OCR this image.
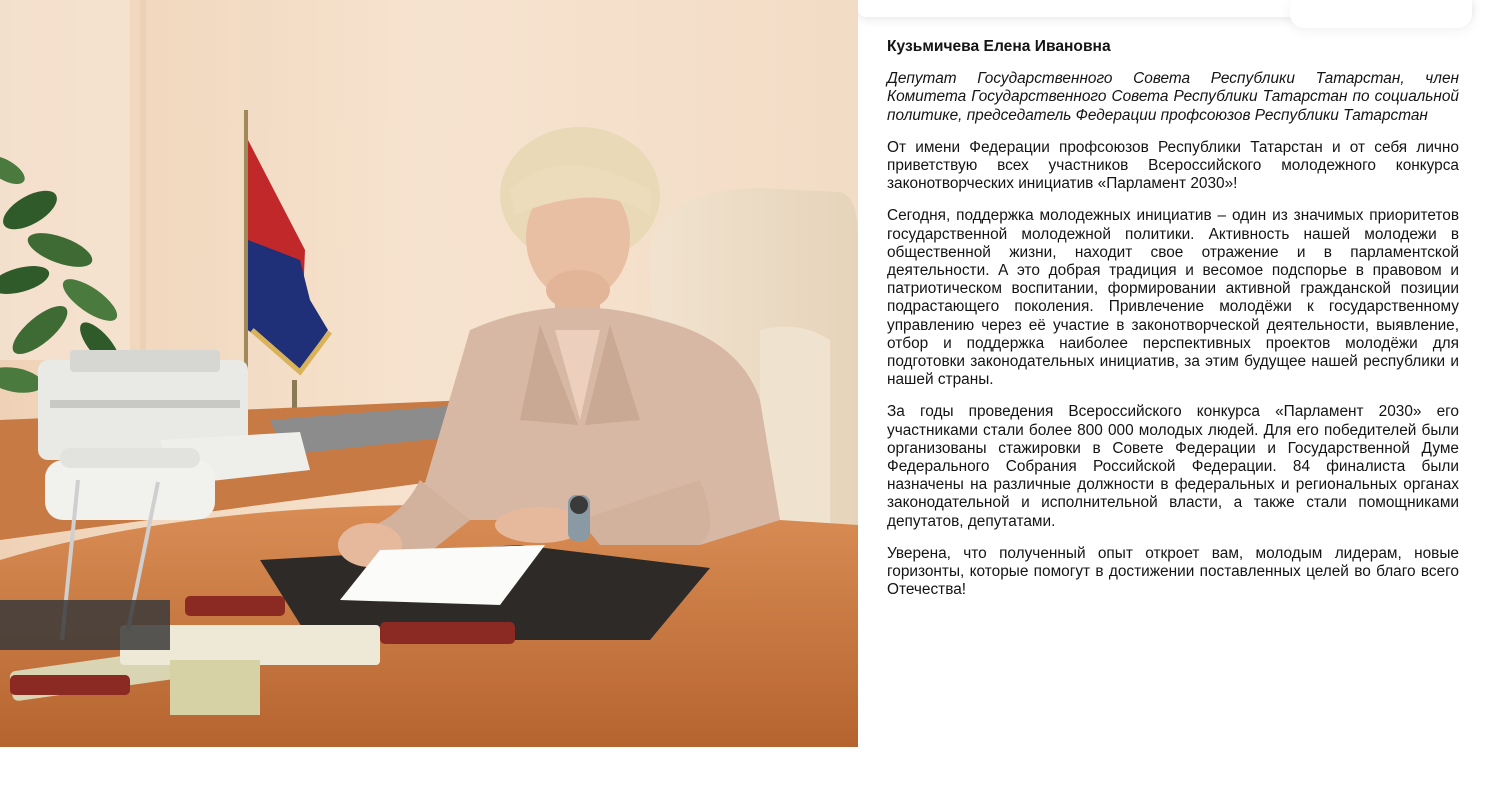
Кузьмичева Елена Ивановна
Депутат Государственного Совета Республики Татарстан, член Комитета Государственного Совета Республики Татарстан по социальной политике, председатель Федерации профсоюзов Республики Татарстан
От имени Федерации профсоюзов Республики Татарстан и от себя лично приветствую всех участников Всероссийского молодежного конкурса законотворческих инициатив «Парламент 2030»!
Сегодня, поддержка молодежных инициатив – один из значимых приоритетов государственной молодежной политики. Активность нашей молодежи в общественной жизни, находит свое отражение и в парламентской деятельности. А это добрая традиция и весомое подспорье в правовом и патриотическом воспитании, формировании активной гражданской позиции подрастающего поколения. Привлечение молодёжи к государственному управлению через её участие в законотворческой деятельности, выявление, отбор и поддержка наиболее перспективных проектов молодёжи для подготовки законодательных инициатив, за этим будущее нашей республики и нашей страны.
За годы проведения Всероссийского конкурса «Парламент 2030» его участниками стали более 800 000 молодых людей. Для его победителей были организованы стажировки в Совете Федерации и Государственной Думе Федерального Собрания Российской Федерации. 84 финалиста были назначены на различные должности в федеральных и региональных органах законодательной и исполнительной власти, а также стали помощниками депутатов, депутатами.
Уверена, что полученный опыт откроет вам, молодым лидерам, новые горизонты, которые помогут в достижении поставленных целей во благо всего Отечества!
